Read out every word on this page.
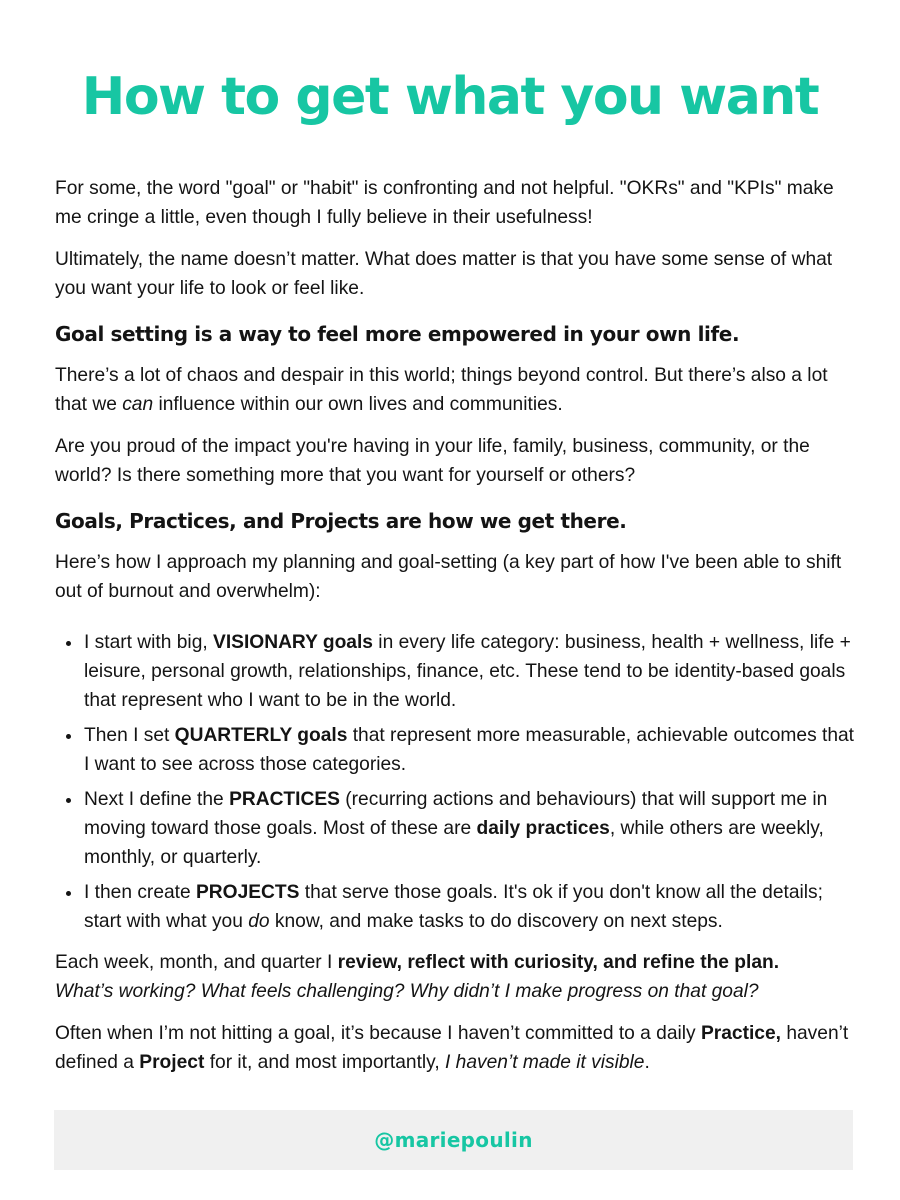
How to get what you want

For some, the word "goal" or "habit" is confronting and not helpful. "OKRs" and "KPIs" make me cringe a little, even though I fully believe in their usefulness!

Ultimately, the name doesn’t matter. What does matter is that you have some sense of what you want your life to look or feel like.

Goal setting is a way to feel more empowered in your own life.

There’s a lot of chaos and despair in this world; things beyond control. But there’s also a lot that we can influence within our own lives and communities.

Are you proud of the impact you're having in your life, family, business, community, or the world? Is there something more that you want for yourself or others?

Goals, Practices, and Projects are how we get there.

Here’s how I approach my planning and goal-setting (a key part of how I've been able to shift out of burnout and overwhelm):

• I start with big, VISIONARY goals in every life category: business, health + wellness, life + leisure, personal growth, relationships, finance, etc. These tend to be identity-based goals that represent who I want to be in the world.
• Then I set QUARTERLY goals that represent more measurable, achievable outcomes that I want to see across those categories.
• Next I define the PRACTICES (recurring actions and behaviours) that will support me in moving toward those goals. Most of these are daily practices, while others are weekly, monthly, or quarterly.
• I then create PROJECTS that serve those goals. It's ok if you don't know all the details; start with what you do know, and make tasks to do discovery on next steps.

Each week, month, and quarter I review, reflect with curiosity, and refine the plan.
What’s working? What feels challenging? Why didn’t I make progress on that goal?

Often when I’m not hitting a goal, it’s because I haven’t committed to a daily Practice, haven’t defined a Project for it, and most importantly, I haven’t made it visible.

@mariepoulin
